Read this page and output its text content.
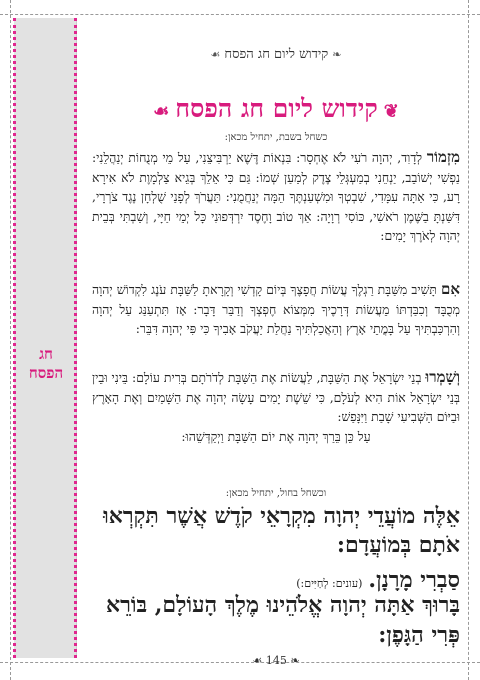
חג
הפסח
❧קידוש ליום חג הפסח☙
❦קידוש ליום חג הפסח☙
כשחל בשבת, יתחיל מכאן:
מִזְמוֹר לְדָוִד, יְהוָה רֹעִי לֹא אֶחְסָר: בִּנְאוֹת דֶּשֶׁא יַרְבִּיצֵנִי, עַל מֵי מְנֻחוֹת יְנַהֲלֵנִי: נַפְשִׁי יְשׁוֹבֵב, יַנְחֵנִי בְמַעְגְּלֵי צֶדֶק לְמַעַן שְׁמוֹ: גַּם כִּי אֵלֵךְ בְּגֵיא צַלְמָוֶת לֹא אִירָא רָע, כִּי אַתָּה עִמָּדִי, שִׁבְטְךָ וּמִשְׁעַנְתֶּךָ הֵמָּה יְנַחֲמֻנִי: תַּעֲרֹךְ לְפָנַי שֻׁלְחָן נֶגֶד צֹרְרָי, דִּשַּׁנְתָּ בַשֶּׁמֶן רֹאשִׁי, כּוֹסִי רְוָיָה: אַךְ טוֹב וָחֶסֶד יִרְדְּפוּנִי כָּל יְמֵי חַיָּי, וְשַׁבְתִּי בְּבֵית יְהוָה לְאֹרֶךְ יָמִים:
אִם תָּשִׁיב מִשַּׁבָּת רַגְלֶךָ עֲשׂוֹת חֲפָצֶךָ בְּיוֹם קָדְשִׁי וְקָרָאתָ לַשַּׁבָּת עֹנֶג לִקְדוֹשׁ יְהוָה מְכֻבָּד וְכִבַּדְתּוֹ מֵעֲשׂוֹת דְּרָכֶיךָ מִמְּצוֹא חֶפְצְךָ וְדַבֵּר דָּבָר: אָז תִּתְעַנַּג עַל יְהוָה וְהִרְכַּבְתִּיךָ עַל בָּמֳתֵי אָרֶץ וְהַאֲכַלְתִּיךָ נַחֲלַת יַעֲקֹב אָבִיךָ כִּי פִּי יְהוָה דִּבֵּר:
וְשָׁמְרוּ בְנֵי יִשְׂרָאֵל אֶת הַשַּׁבָּת, לַעֲשׂוֹת אֶת הַשַּׁבָּת לְדֹרֹתָם בְּרִית עוֹלָם: בֵּינִי וּבֵין בְּנֵי יִשְׂרָאֵל אוֹת הִיא לְעֹלָם, כִּי שֵׁשֶׁת יָמִים עָשָׂה יְהוָה אֶת הַשָּׁמַיִם וְאֶת הָאָרֶץ וּבַיּוֹם הַשְּׁבִיעִי שָׁבַת וַיִּנָּפַשׁ:
עַל כֵּן בֵּרַךְ יְהוָה אֶת יוֹם הַשַּׁבָּת וַיְקַדְּשֵׁהוּ:
וכשחל בחול, יתחיל מכאן:
אֵלֶּה מוֹעֲדֵי יְהוָה מִקְרָאֵי קֹדֶשׁ אֲשֶׁר תִּקְרְאוּ אֹתָם בְּמוֹעֲדָם:
סַבְרִי מָרָנָן.(עונים: לְחַיִּים:)
בָּרוּךְ אַתָּה יְהוָה אֱלֹהֵינוּ מֶלֶךְ הָעוֹלָם, בּוֹרֵא פְּרִי הַגָּפֶן:
☙ 145 ❧
